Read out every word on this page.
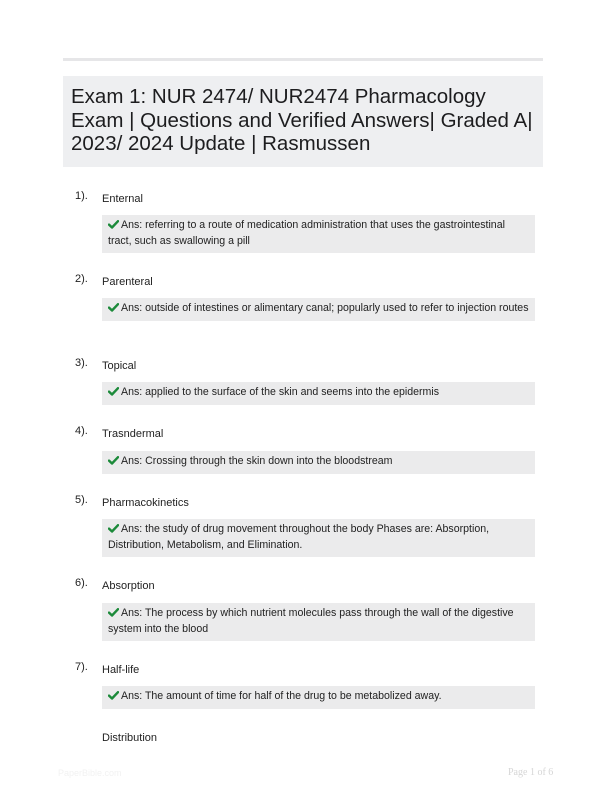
Exam 1: NUR 2474/ NUR2474 Pharmacology Exam | Questions and Verified Answers| Graded A| 2023/ 2024 Update | Rasmussen
1). Enternal
Ans: referring to a route of medication administration that uses the gastrointestinal tract, such as swallowing a pill
2). Parenteral
Ans: outside of intestines or alimentary canal; popularly used to refer to injection routes
3). Topical
Ans: applied to the surface of the skin and seems into the epidermis
4). Trasndermal
Ans: Crossing through the skin down into the bloodstream
5). Pharmacokinetics
Ans: the study of drug movement throughout the body Phases are: Absorption, Distribution, Metabolism, and Elimination.
6). Absorption
Ans: The process by which nutrient molecules pass through the wall of the digestive system into the blood
7). Half-life
Ans: The amount of time for half of the drug to be metabolized away.
Distribution
PaperBible.com	Page 1 of 6
